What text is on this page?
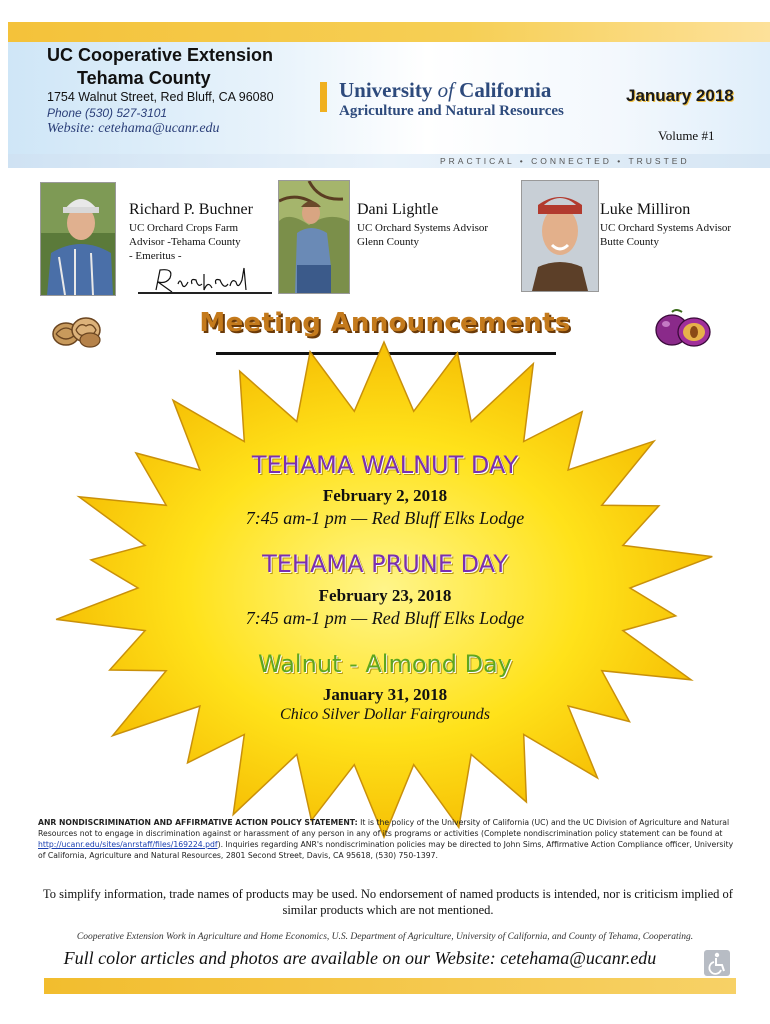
PRACTICAL • CONNECTED • TRUSTED
UC Cooperative Extension
Tehama County
1754 Walnut Street, Red Bluff, CA 96080
Phone (530) 527-3101
Website: cetehama@ucanr.edu
University of California
Agriculture and Natural Resources
January 2018
Volume #1
Richard P. Buchner
UC Orchard Crops Farm
Advisor -Tehama County
- Emeritus -
Dani Lightle
UC Orchard Systems Advisor
Glenn County
Luke Milliron
UC Orchard Systems Advisor
Butte County
Meeting Announcements
TEHAMA WALNUT DAY
February 2, 2018
7:45 am-1 pm — Red Bluff Elks Lodge
TEHAMA PRUNE DAY
February 23, 2018
7:45 am-1 pm — Red Bluff Elks Lodge
Walnut - Almond Day
January 31, 2018
Chico Silver Dollar Fairgrounds
ANR NONDISCRIMINATION AND AFFIRMATIVE ACTION POLICY STATEMENT: It is the policy of the University of California (UC) and the UC Division of Agriculture and Natural Resources not to engage in discrimination against or harassment of any person in any of its programs or activities (Complete nondiscrimination policy statement can be found at http://ucanr.edu/sites/anrstaff/files/169224.pdf). Inquiries regarding ANR's nondiscrimination policies may be directed to John Sims, Affirmative Action Compliance officer, University of California, Agriculture and Natural Resources, 2801 Second Street, Davis, CA 95618, (530) 750-1397.
To simplify information, trade names of products may be used. No endorsement of named products is intended, nor is criticism implied of similar products which are not mentioned.
Cooperative Extension Work in Agriculture and Home Economics, U.S. Department of Agriculture, University of California, and County of Tehama, Cooperating.
Full color articles and photos are available on our Website: cetehama@ucanr.edu
